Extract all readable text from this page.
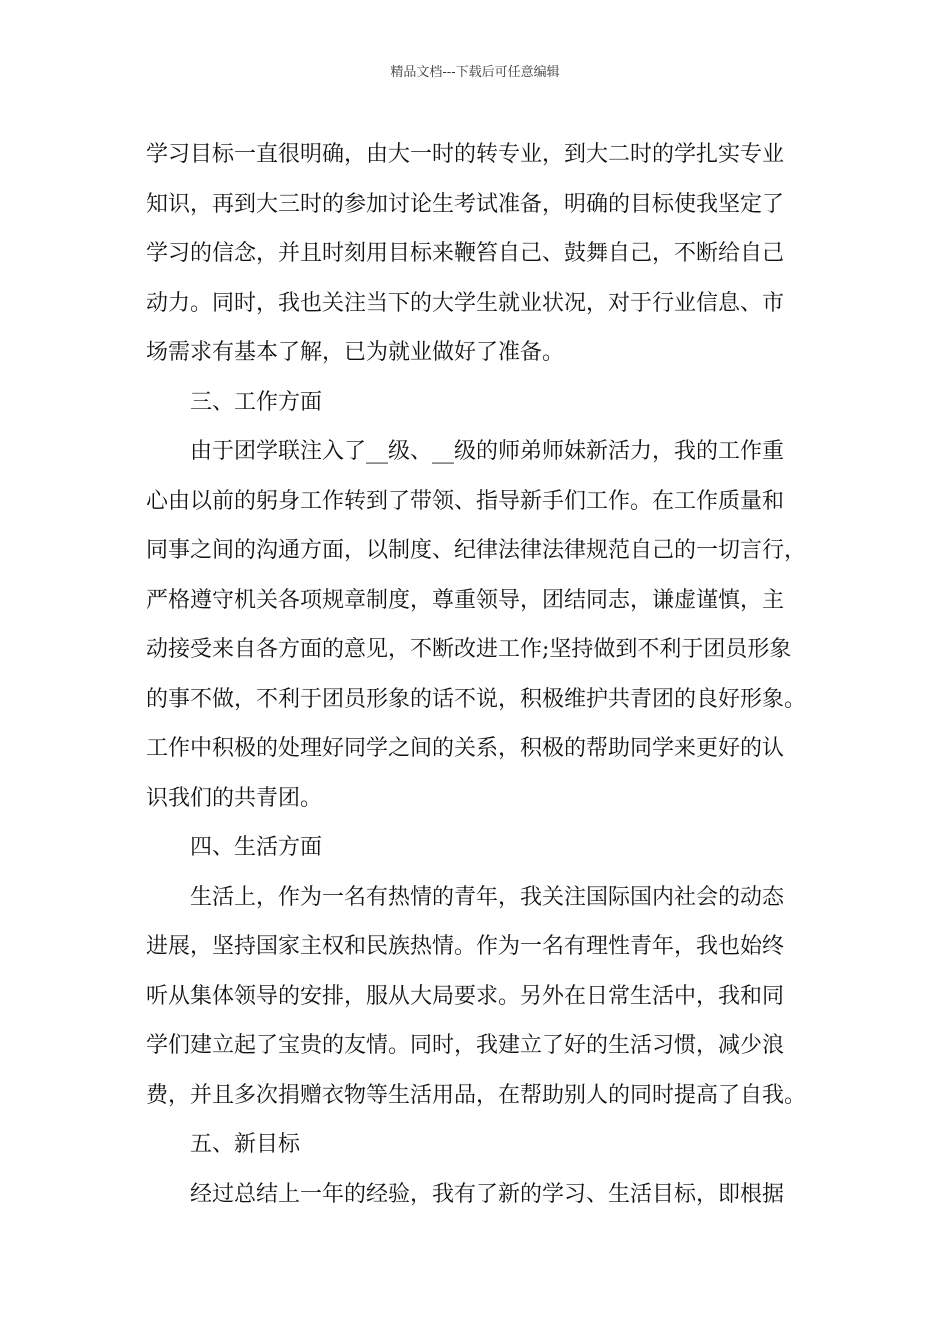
精品文档---下载后可任意编辑
学习目标一直很明确，由大一时的转专业，到大二时的学扎实专业
知识，再到大三时的参加讨论生考试准备，明确的目标使我坚定了
学习的信念，并且时刻用目标来鞭笞自己、鼓舞自己，不断给自己
动力。同时，我也关注当下的大学生就业状况，对于行业信息、市
场需求有基本了解，已为就业做好了准备。
三、工作方面
由于团学联注入了__级、__级的师弟师妹新活力，我的工作重
心由以前的躬身工作转到了带领、指导新手们工作。在工作质量和
同事之间的沟通方面，以制度、纪律法律法律规范自己的一切言行，
严格遵守机关各项规章制度，尊重领导，团结同志，谦虚谨慎，主
动接受来自各方面的意见，不断改进工作;坚持做到不利于团员形象
的事不做，不利于团员形象的话不说，积极维护共青团的良好形象。
工作中积极的处理好同学之间的关系，积极的帮助同学来更好的认
识我们的共青团。
四、生活方面
生活上，作为一名有热情的青年，我关注国际国内社会的动态
进展，坚持国家主权和民族热情。作为一名有理性青年，我也始终
听从集体领导的安排，服从大局要求。另外在日常生活中，我和同
学们建立起了宝贵的友情。同时，我建立了好的生活习惯，减少浪
费，并且多次捐赠衣物等生活用品，在帮助别人的同时提高了自我。
五、新目标
经过总结上一年的经验，我有了新的学习、生活目标，即根据
